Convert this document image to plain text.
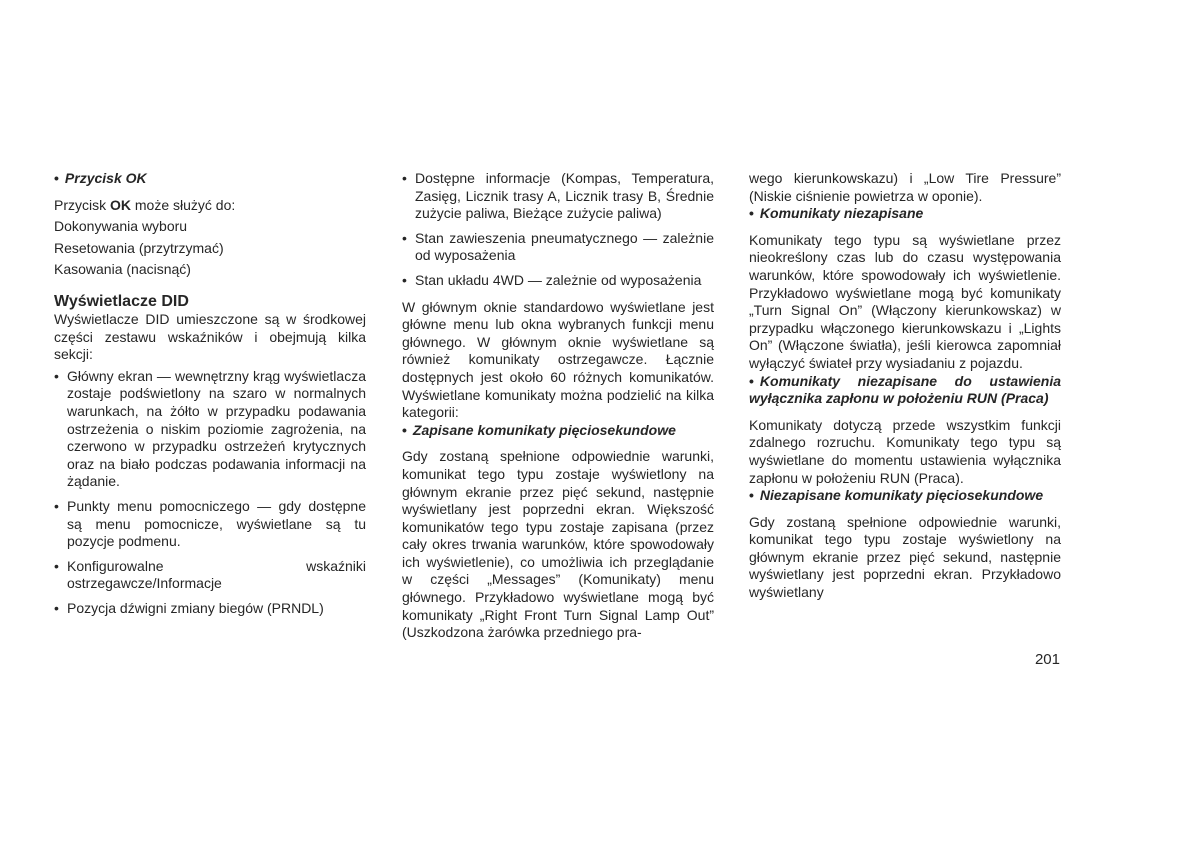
• Przycisk OK

Przycisk OK może służyć do:

Dokonywania wyboru

Resetowania (przytrzymać)

Kasowania (nacisnąć)

Wyświetlacze DID

Wyświetlacze DID umieszczone są w środkowej części zestawu wskaźników i obejmują kilka sekcji:

• Główny ekran — wewnętrzny krąg wyświetlacza zostaje podświetlony na szaro w normalnych warunkach, na żółto w przypadku podawania ostrzeżenia o niskim poziomie zagrożenia, na czerwono w przypadku ostrzeżeń krytycznych oraz na biało podczas podawania informacji na żądanie.
• Punkty menu pomocniczego — gdy dostępne są menu pomocnicze, wyświetlane są tu pozycje podmenu.
• Konfigurowalne	wskaźniki
ostrzegawcze/Informacje
• Pozycja dźwigni zmiany biegów (PRNDL)
• Dostępne informacje (Kompas, Temperatura, Zasięg, Licznik trasy A, Licznik trasy B, Średnie zużycie paliwa, Bieżące zużycie paliwa)
• Stan zawieszenia pneumatycznego — zależnie od wyposażenia
• Stan układu 4WD — zależnie od wyposażenia

W głównym oknie standardowo wyświetlane jest główne menu lub okna wybranych funkcji menu głównego. W głównym oknie wyświetlane są również komunikaty ostrzegawcze. Łącznie dostępnych jest około 60 różnych komunikatów. Wyświetlane komunikaty można podzielić na kilka kategorii:

• Zapisane komunikaty pięciosekundowe

Gdy zostaną spełnione odpowiednie warunki, komunikat tego typu zostaje wyświetlony na głównym ekranie przez pięć sekund, następnie wyświetlany jest poprzedni ekran. Większość komunikatów tego typu zostaje zapisana (przez cały okres trwania warunków, które spowodowały ich wyświetlenie), co umożliwia ich przeglądanie w części „Messages” (Komunikaty) menu głównego. Przykładowo wyświetlane mogą być komunikaty „Right Front Turn Signal Lamp Out” (Uszkodzona żarówka przedniego pra-

wego kierunkowskazu) i „Low Tire Pressure” (Niskie ciśnienie powietrza w oponie).

• Komunikaty niezapisane

Komunikaty tego typu są wyświetlane przez nieokreślony czas lub do czasu występowania warunków, które spowodowały ich wyświetlenie. Przykładowo wyświetlane mogą być komunikaty „Turn Signal On” (Włączony kierunkowskaz) w przypadku włączonego kierunkowskazu i „Lights On” (Włączone światła), jeśli kierowca zapomniał wyłączyć świateł przy wysiadaniu z pojazdu.

• Komunikaty niezapisane do ustawienia wyłącznika zapłonu w położeniu RUN (Praca)

Komunikaty dotyczą przede wszystkim funkcji zdalnego rozruchu. Komunikaty tego typu są wyświetlane do momentu ustawienia wyłącznika zapłonu w położeniu RUN (Praca).

• Niezapisane komunikaty pięciosekundowe

Gdy zostaną spełnione odpowiednie warunki, komunikat tego typu zostaje wyświetlony na głównym ekranie przez pięć sekund, następnie wyświetlany jest poprzedni ekran. Przykładowo wyświetlany

201
